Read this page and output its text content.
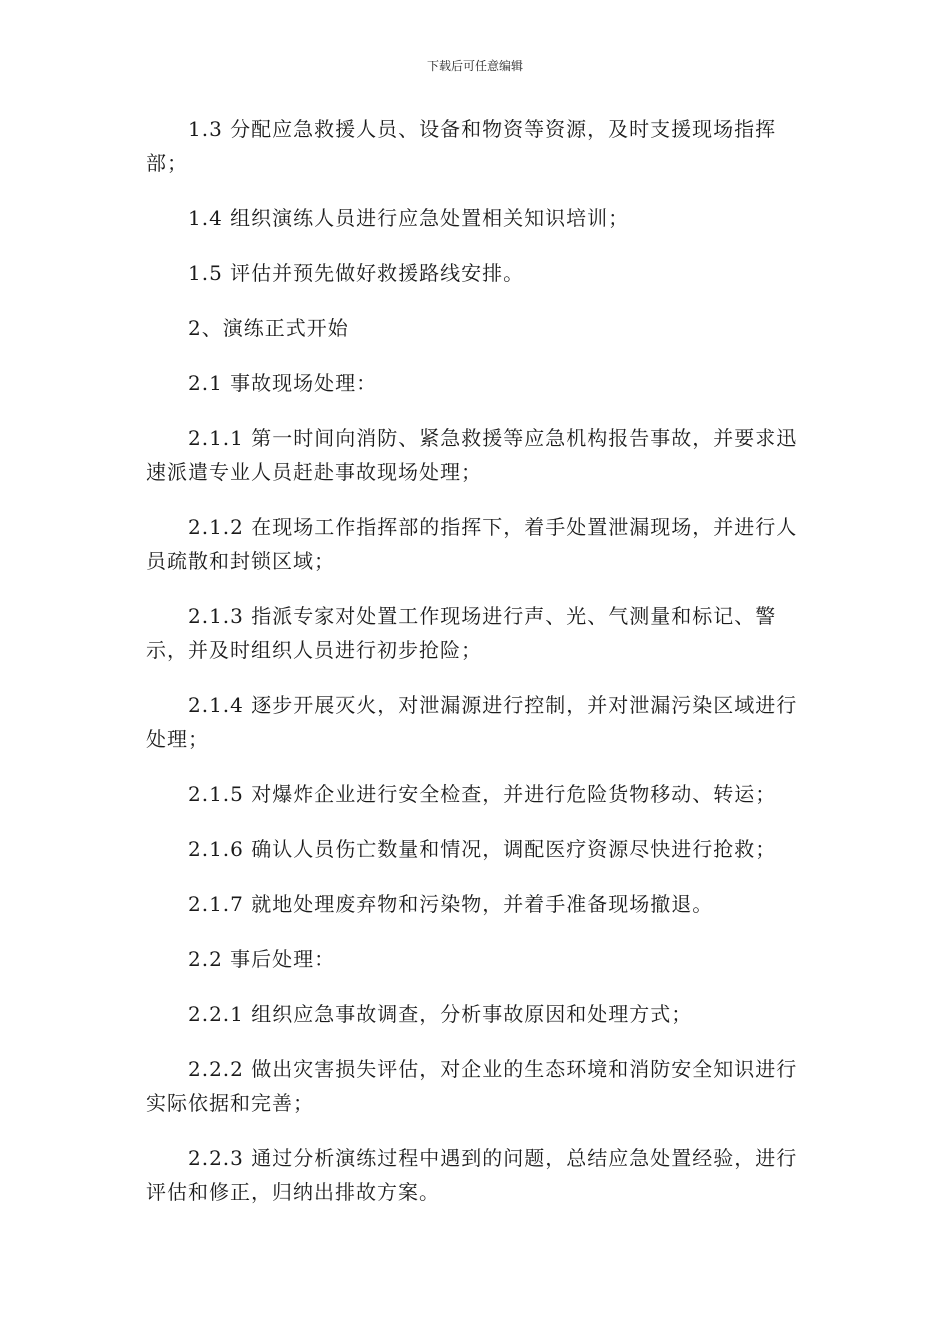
下载后可任意编辑

1.3 分配应急救援人员、设备和物资等资源，及时支援现场指挥部；

1.4 组织演练人员进行应急处置相关知识培训；

1.5 评估并预先做好救援路线安排。

2、演练正式开始

2.1 事故现场处理：

2.1.1 第一时间向消防、紧急救援等应急机构报告事故，并要求迅速派遣专业人员赶赴事故现场处理；

2.1.2 在现场工作指挥部的指挥下，着手处置泄漏现场，并进行人员疏散和封锁区域；

2.1.3 指派专家对处置工作现场进行声、光、气测量和标记、警示，并及时组织人员进行初步抢险；

2.1.4 逐步开展灭火，对泄漏源进行控制，并对泄漏污染区域进行处理；

2.1.5 对爆炸企业进行安全检查，并进行危险货物移动、转运；

2.1.6 确认人员伤亡数量和情况，调配医疗资源尽快进行抢救；

2.1.7 就地处理废弃物和污染物，并着手准备现场撤退。

2.2 事后处理：

2.2.1 组织应急事故调查，分析事故原因和处理方式；

2.2.2 做出灾害损失评估，对企业的生态环境和消防安全知识进行实际依据和完善；

2.2.3 通过分析演练过程中遇到的问题，总结应急处置经验，进行评估和修正，归纳出排故方案。
